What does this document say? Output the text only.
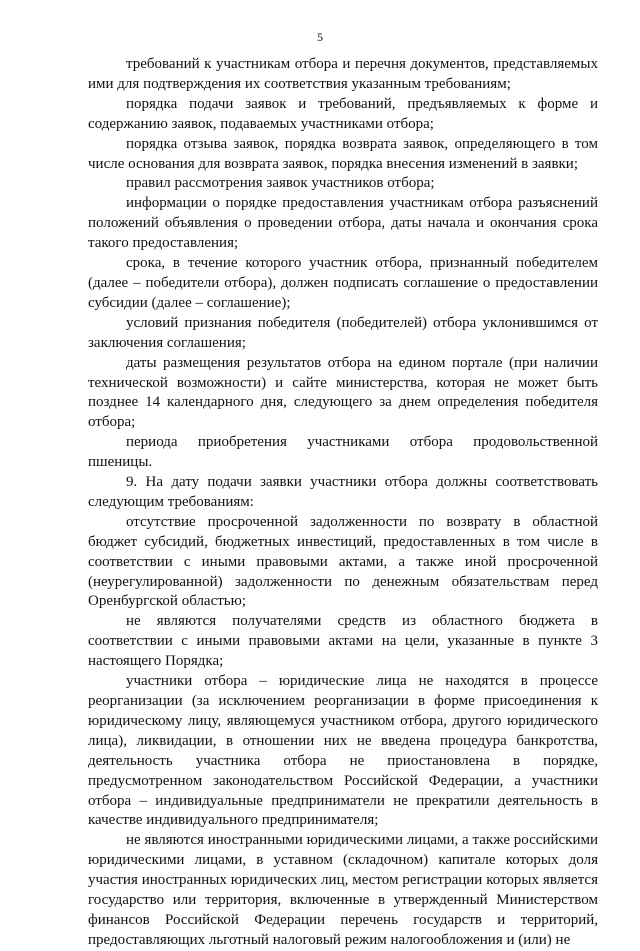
5

требований к участникам отбора и перечня документов, представляемых ими для подтверждения их соответствия указанным требованиям;

порядка подачи заявок и требований, предъявляемых к форме и содержанию заявок, подаваемых участниками отбора;

порядка отзыва заявок, порядка возврата заявок, определяющего в том числе основания для возврата заявок, порядка внесения изменений в заявки;

правил рассмотрения заявок участников отбора;

информации о порядке предоставления участникам отбора разъяснений положений объявления о проведении отбора, даты начала и окончания срока такого предоставления;

срока, в течение которого участник отбора, признанный победителем (далее – победители отбора), должен подписать соглашение о предоставлении субсидии (далее – соглашение);

условий признания победителя (победителей) отбора уклонившимся от заключения соглашения;

даты размещения результатов отбора на едином портале (при наличии технической возможности) и сайте министерства, которая не может быть позднее 14 календарного дня, следующего за днем определения победителя отбора;

периода приобретения участниками отбора продовольственной пшеницы.

9. На дату подачи заявки участники отбора должны соответствовать следующим требованиям:

отсутствие просроченной задолженности по возврату в областной бюджет субсидий, бюджетных инвестиций, предоставленных в том числе в соответствии с иными правовыми актами, а также иной просроченной (неурегулированной) задолженности по денежным обязательствам перед Оренбургской областью;

не являются получателями средств из областного бюджета в соответствии с иными правовыми актами на цели, указанные в пункте 3 настоящего Порядка;

участники отбора – юридические лица не находятся в процессе реорганизации (за исключением реорганизации в форме присоединения к юридическому лицу, являющемуся участником отбора, другого юридического лица), ликвидации, в отношении них не введена процедура банкротства, деятельность участника отбора не приостановлена в порядке, предусмотренном законодательством Российской Федерации, а участники отбора – индивидуальные предприниматели не прекратили деятельность в качестве индивидуального предпринимателя;

не являются иностранными юридическими лицами, а также российскими юридическими лицами, в уставном (складочном) капитале которых доля участия иностранных юридических лиц, местом регистрации которых является государство или территория, включенные в утвержденный Министерством финансов Российской Федерации перечень государств и территорий, предоставляющих льготный налоговый режим налогообложения и (или) не
